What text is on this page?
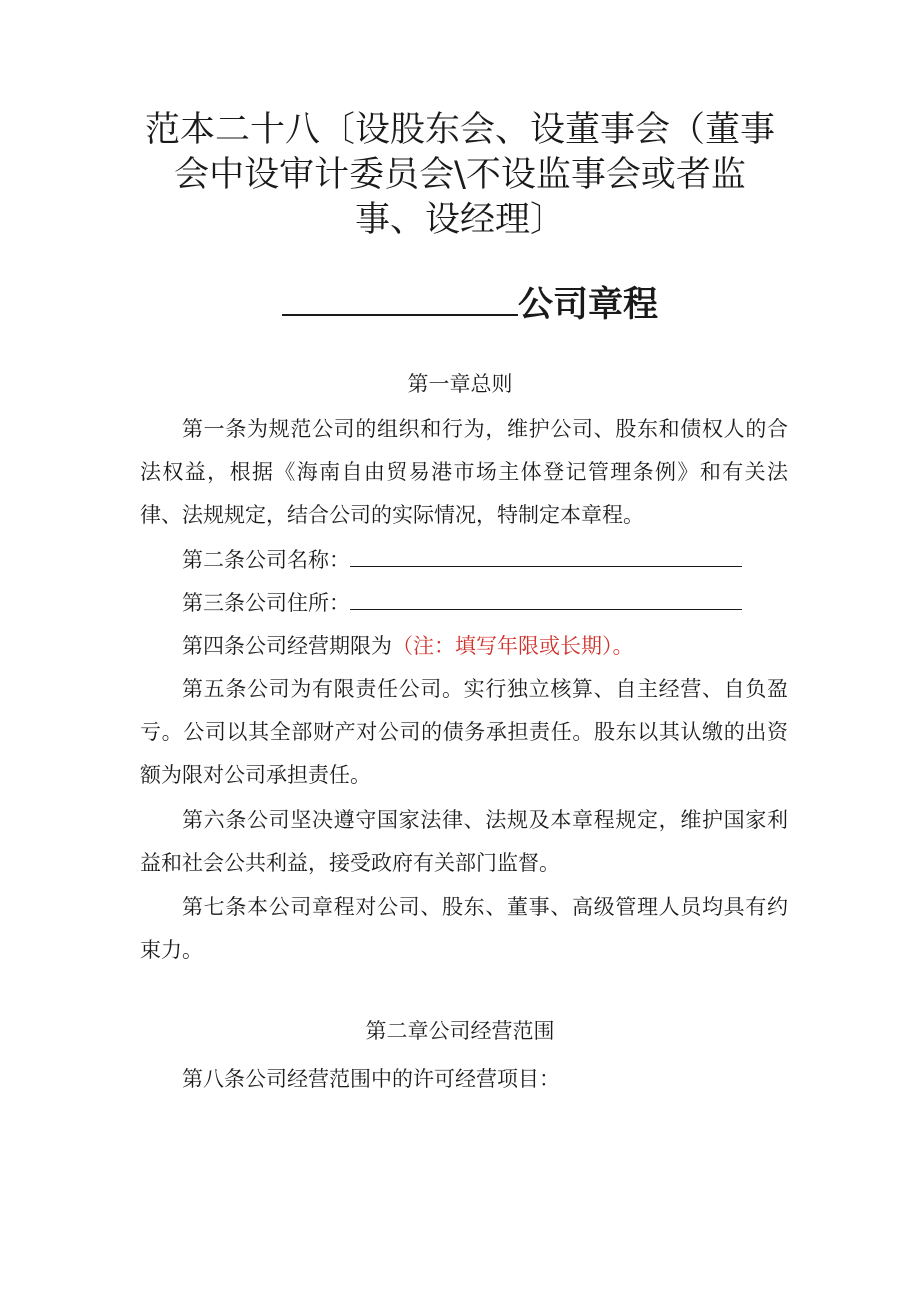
范本二十八〔设股东会、设董事会（董事
会中设审计委员会\不设监事会或者监
事、设经理〕
公司章程
第一章总则

第一条为规范公司的组织和行为，维护公司、股东和债权人的合法权益，根据《海南自由贸易港市场主体登记管理条例》和有关法律、法规规定，结合公司的实际情况，特制定本章程。

第二条公司名称：

第三条公司住所：

第四条公司经营期限为（注：填写年限或长期）。

第五条公司为有限责任公司。实行独立核算、自主经营、自负盈亏。公司以其全部财产对公司的债务承担责任。股东以其认缴的出资额为限对公司承担责任。

第六条公司坚决遵守国家法律、法规及本章程规定，维护国家利益和社会公共利益，接受政府有关部门监督。

第七条本公司章程对公司、股东、董事、高级管理人员均具有约束力。

第二章公司经营范围

第八条公司经营范围中的许可经营项目：
